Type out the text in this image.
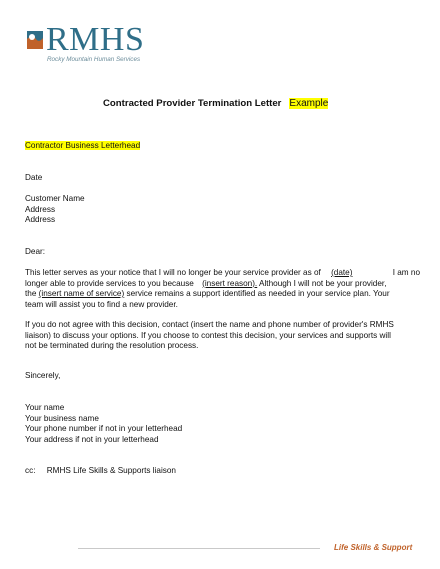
RMHS
Rocky Mountain Human Services
Contracted Provider Termination Letter Example
Contractor Business Letterhead
Date
Customer Name
Address
Address
Dear:
This letter serves as your notice that I will no longer be your service provider as of (date)	I am no
longer able to provide services to you because (insert reason). Although I will not be your provider,
the (insert name of service) service remains a support identified as needed in your service plan. Your
team will assist you to find a new provider.
If you do not agree with this decision, contact (insert the name and phone number of provider's RMHS
liaison) to discuss your options. If you choose to contest this decision, your services and supports will
not be terminated during the resolution process.
Sincerely,
Your name
Your business name
Your phone number if not in your letterhead
Your address if not in your letterhead
cc: RMHS Life Skills & Supports liaison
Life Skills & Support
